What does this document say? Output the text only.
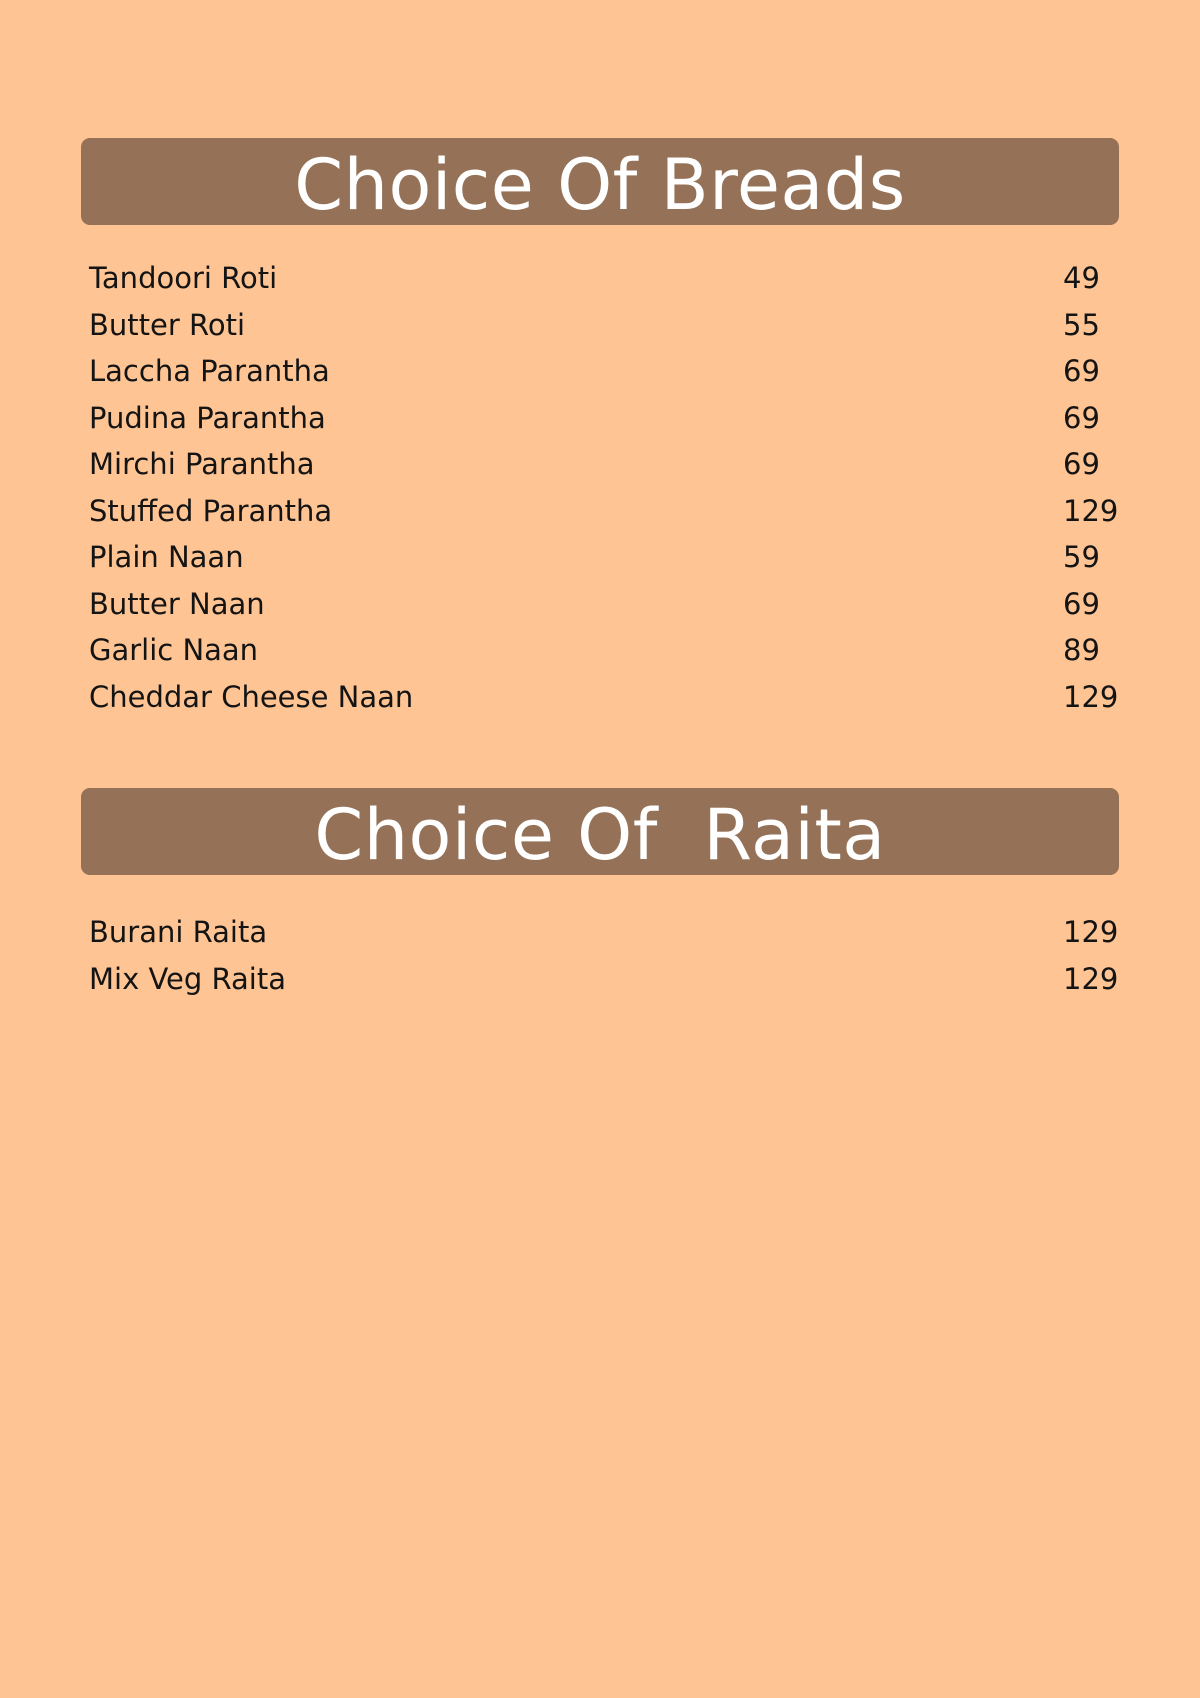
Choice Of Breads
Tandoori Roti	49
Butter Roti	55
Laccha Parantha	69
Pudina Parantha	69
Mirchi Parantha	69
Stuffed Parantha	129
Plain Naan	59
Butter Naan	69
Garlic Naan	89
Cheddar Cheese Naan	129
Choice Of  Raita
Burani Raita	129
Mix Veg Raita	129
